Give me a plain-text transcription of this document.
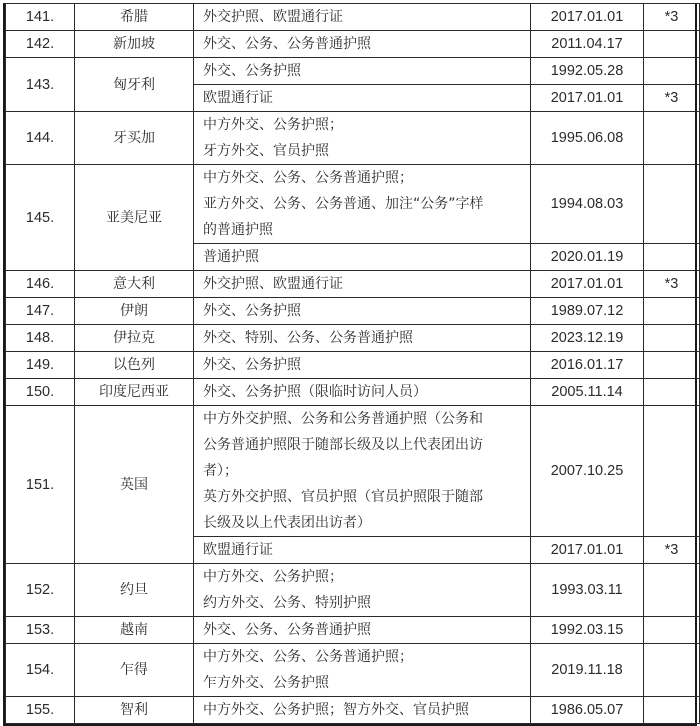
141.	希腊	外交护照、欧盟通行证	2017.01.01	*3
142.	新加坡	外交、公务、公务普通护照	2011.04.17	
143.	匈牙利	外交、公务护照	1992.05.28	

		欧盟通行证	2017.01.01	*3
144.	牙买加	中方外交、公务护照；
牙方外交、官员护照	1995.06.08	
145.	亚美尼亚	中方外交、公务、公务普通护照；
亚方外交、公务、公务普通、加注“公务”字样
的普通护照	1994.08.03	

		普通护照	2020.01.19	
146.	意大利	外交护照、欧盟通行证	2017.01.01	*3
147.	伊朗	外交、公务护照	1989.07.12	
148.	伊拉克	外交、特别、公务、公务普通护照	2023.12.19	
149.	以色列	外交、公务护照	2016.01.17	
150.	印度尼西亚	外交、公务护照（限临时访问人员）	2005.11.14	
151.	英国	中方外交护照、公务和公务普通护照（公务和
公务普通护照限于随部长级及以上代表团出访
者）；
英方外交护照、官员护照（官员护照限于随部
长级及以上代表团出访者）	2007.10.25	

		欧盟通行证	2017.01.01	*3
152.	约旦	中方外交、公务护照；
约方外交、公务、特别护照	1993.03.11	
153.	越南	外交、公务、公务普通护照	1992.03.15	
154.	乍得	中方外交、公务、公务普通护照；
乍方外交、公务护照	2019.11.18	
155.	智利	中方外交、公务护照；智方外交、官员护照	1986.05.07	
